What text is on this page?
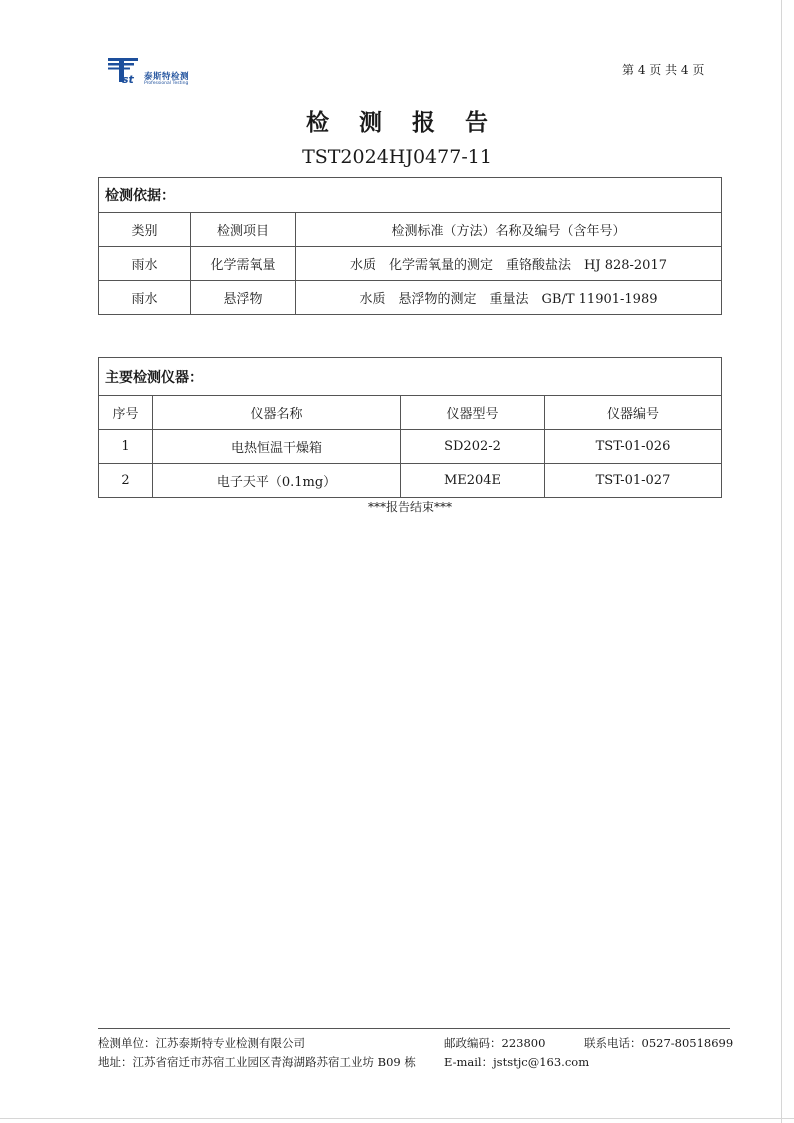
st 泰斯特检测
Professional Testing
第 4 页 共 4 页
检 测 报 告
TST2024HJ0477-11
检测依据：		
类别	检测项目	检测标准（方法）名称及编号（含年号）
雨水	化学需氧量	水质　化学需氧量的测定　重铬酸盐法　HJ 828-2017
雨水	悬浮物	水质　悬浮物的测定　重量法　GB/T 11901-1989
主要检测仪器：			
序号	仪器名称	仪器型号	仪器编号
1	电热恒温干燥箱	SD202-2	TST-01-026
2	电子天平（0.1mg）	ME204E	TST-01-027
***报告结束***
检测单位：江苏泰斯特专业检测有限公司	邮政编码：223800	联系电话：0527-80518699
地址：江苏省宿迁市苏宿工业园区青海湖路苏宿工业坊 B09 栋 E-mail：jststjc@163.com
